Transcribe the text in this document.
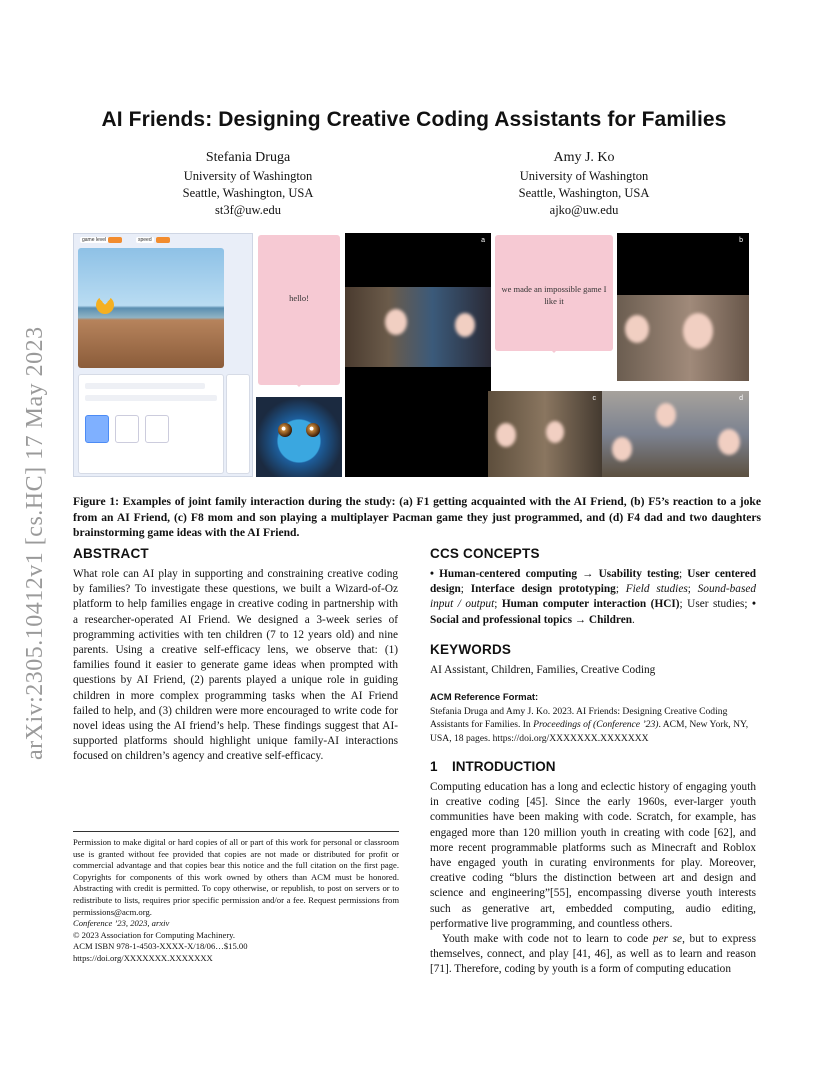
arXiv:2305.10412v1 [cs.HC] 17 May 2023
AI Friends: Designing Creative Coding Assistants for Families
Stefania Druga
University of Washington
Seattle, Washington, USA
st3f@uw.edu
Amy J. Ko
University of Washington
Seattle, Washington, USA
ajko@uw.edu
game level	speed
hello!
a
we made an impossible game I like it
b
c	d
Figure 1: Examples of joint family interaction during the study: (a) F1 getting acquainted with the AI Friend, (b) F5’s reaction to a joke from an AI Friend, (c) F8 mom and son playing a multiplayer Pacman game they just programmed, and (d) F4 dad and two daughters brainstorming game ideas with the AI Friend.
ABSTRACT

What role can AI play in supporting and constraining creative coding by families? To investigate these questions, we built a Wizard-of-Oz platform to help families engage in creative coding in partnership with a researcher-operated AI Friend. We designed a 3-week series of programming activities with ten children (7 to 12 years old) and nine parents. Using a creative self-efficacy lens, we observe that: (1) families found it easier to generate game ideas when prompted with questions by AI Friend, (2) parents played a unique role in guiding children in more complex programming tasks when the AI Friend failed to help, and (3) children were more encouraged to write code for novel ideas using the AI friend’s help. These findings suggest that AI-supported platforms should highlight unique family-AI interactions focused on children’s agency and creative self-efficacy.

Permission to make digital or hard copies of all or part of this work for personal or classroom use is granted without fee provided that copies are not made or distributed for profit or commercial advantage and that copies bear this notice and the full citation on the first page. Copyrights for components of this work owned by others than ACM must be honored. Abstracting with credit is permitted. To copy otherwise, or republish, to post on servers or to redistribute to lists, requires prior specific permission and/or a fee. Request permissions from permissions@acm.org.

Conference ’23, 2023, arxiv

© 2023 Association for Computing Machinery.

ACM ISBN 978-1-4503-XXXX-X/18/06…$15.00

https://doi.org/XXXXXXX.XXXXXXX

CCS CONCEPTS

• Human-centered computing → Usability testing; User centered design; Interface design prototyping; Field studies; Sound-based input / output; Human computer interaction (HCI); User studies; • Social and professional topics → Children.

KEYWORDS

AI Assistant, Children, Families, Creative Coding

ACM Reference Format:

Stefania Druga and Amy J. Ko. 2023. AI Friends: Designing Creative Coding Assistants for Families. In Proceedings of (Conference ’23). ACM, New York, NY, USA, 18 pages. https://doi.org/XXXXXXX.XXXXXXX

1 INTRODUCTION

Computing education has a long and eclectic history of engaging youth in creative coding [45]. Since the early 1960s, ever-larger youth communities have been making with code. Scratch, for example, has engaged more than 120 million youth in creating with code [62], and more recent programmable platforms such as Minecraft and Roblox have engaged youth in curating environments for play. Moreover, creative coding “blurs the distinction between art and design and science and engineering”[55], encompassing diverse youth interests such as generative art, embedded computing, audio editing, performative live programming, and countless others.

Youth make with code not to learn to code per se, but to express themselves, connect, and play [41, 46], as well as to learn and reason [71]. Therefore, coding by youth is a form of computing education
